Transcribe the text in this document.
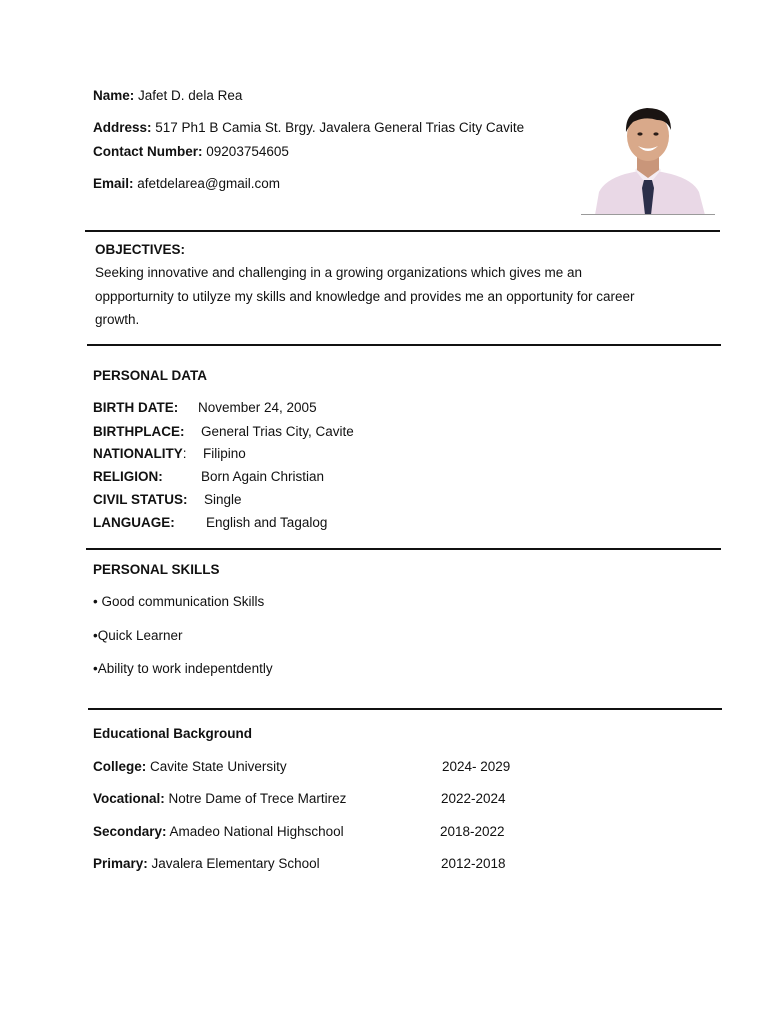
Name: Jafet D. dela Rea
Address: 517 Ph1 B Camia St. Brgy. Javalera General Trias City Cavite
Contact Number: 09203754605
Email: afetdelarea@gmail.com
OBJECTIVES:
Seeking innovative and challenging in a growing organizations which gives me an
oppporturnity to utilyze my skills and knowledge and provides me an opportunity for career
growth.
PERSONAL DATA
BIRTH DATE: November 24, 2005
BIRTHPLACE: General Trias City, Cavite
NATIONALITY: Filipino
RELIGION:	Born Again Christian
CIVIL STATUS: Single
LANGUAGE: English and Tagalog
PERSONAL SKILLS
• Good communication Skills
•Quick Learner
•Ability to work indepentdently
Educational Background
College: Cavite State University	2024- 2029
Vocational: Notre Dame of Trece Martirez	2022-2024
Secondary: Amadeo National Highschool	2018-2022
Primary: Javalera Elementary School	2012-2018
